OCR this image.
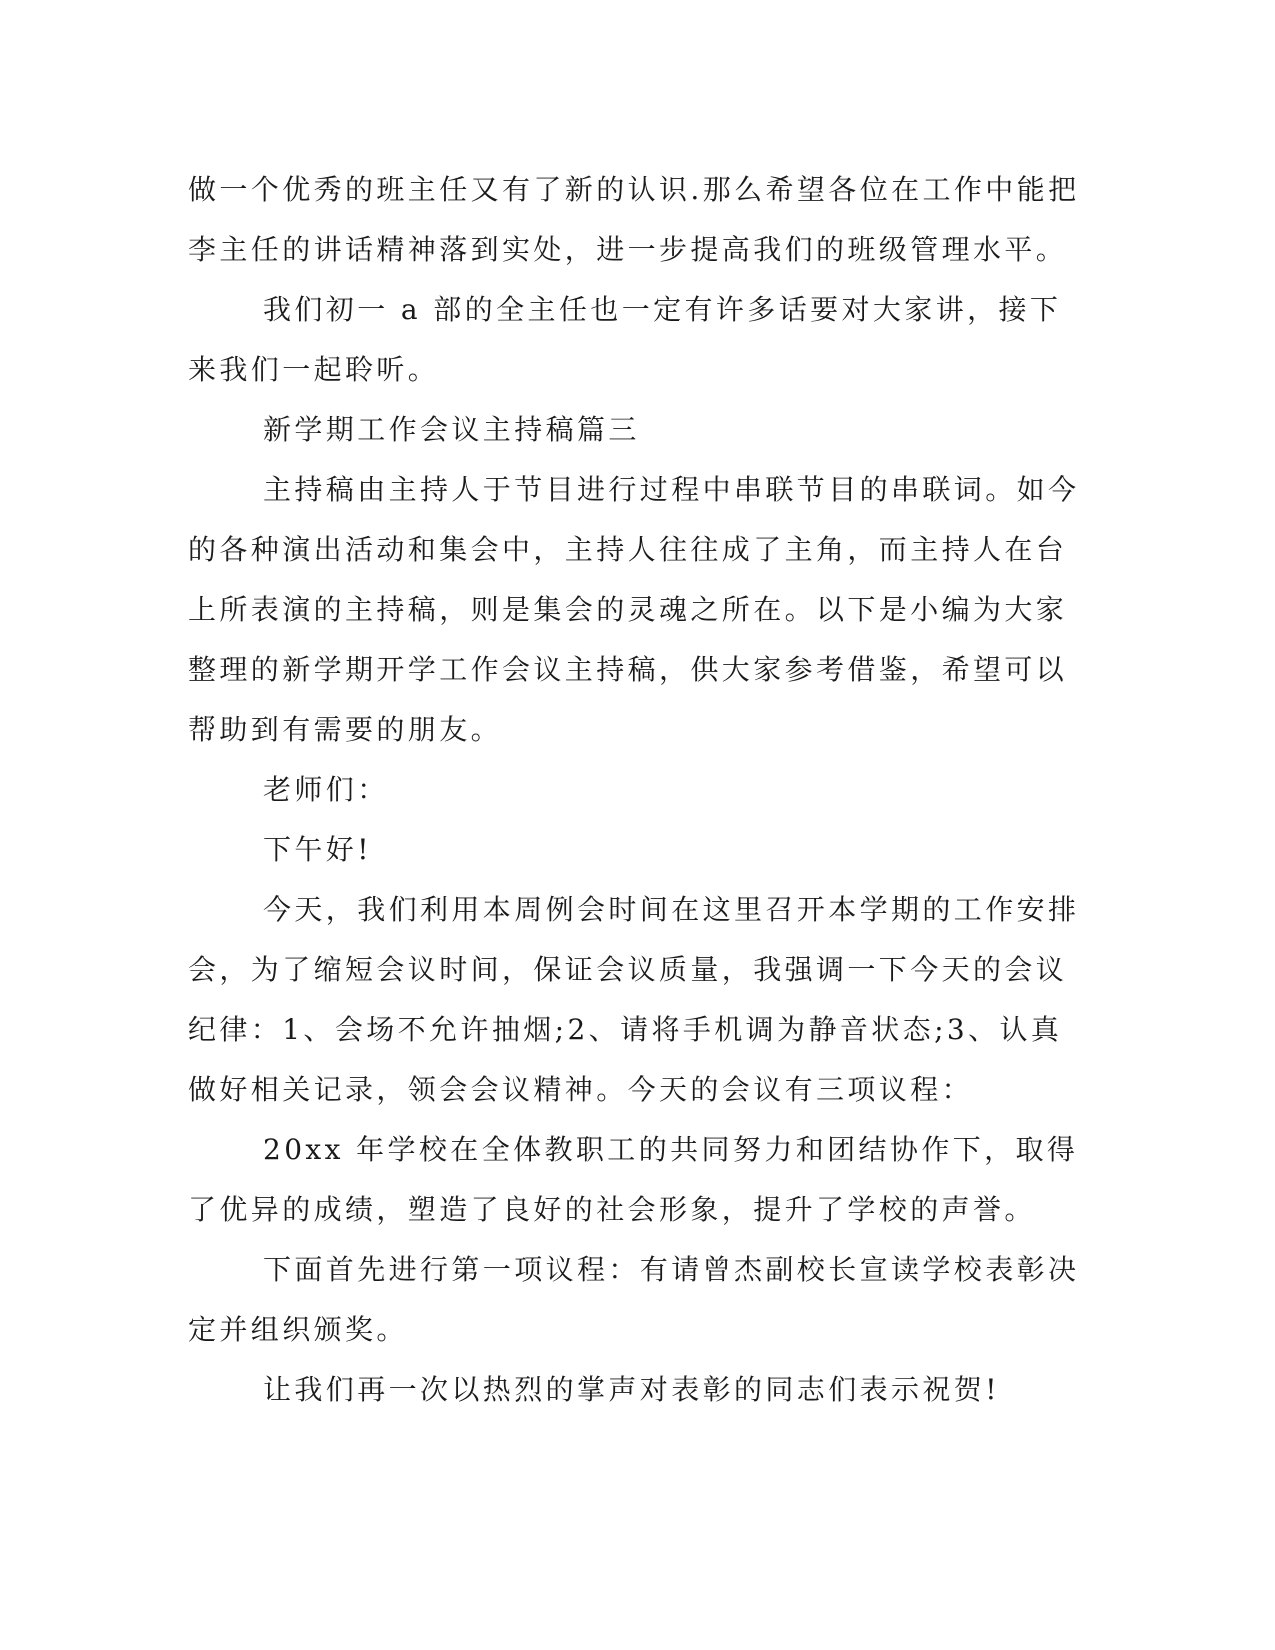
做一个优秀的班主任又有了新的认识.那么希望各位在工作中能把李主任的讲话精神落到实处，进一步提高我们的班级管理水平。

我们初一 a 部的全主任也一定有许多话要对大家讲，接下来我们一起聆听。

新学期工作会议主持稿篇三

主持稿由主持人于节目进行过程中串联节目的串联词。如今的各种演出活动和集会中，主持人往往成了主角，而主持人在台上所表演的主持稿，则是集会的灵魂之所在。以下是小编为大家整理的新学期开学工作会议主持稿，供大家参考借鉴，希望可以帮助到有需要的朋友。

老师们：

下午好!

今天，我们利用本周例会时间在这里召开本学期的工作安排会，为了缩短会议时间，保证会议质量，我强调一下今天的会议纪律：1、会场不允许抽烟;2、请将手机调为静音状态;3、认真做好相关记录，领会会议精神。今天的会议有三项议程：

20xx 年学校在全体教职工的共同努力和团结协作下，取得了优异的成绩，塑造了良好的社会形象，提升了学校的声誉。

下面首先进行第一项议程：有请曾杰副校长宣读学校表彰决定并组织颁奖。

让我们再一次以热烈的掌声对表彰的同志们表示祝贺!
